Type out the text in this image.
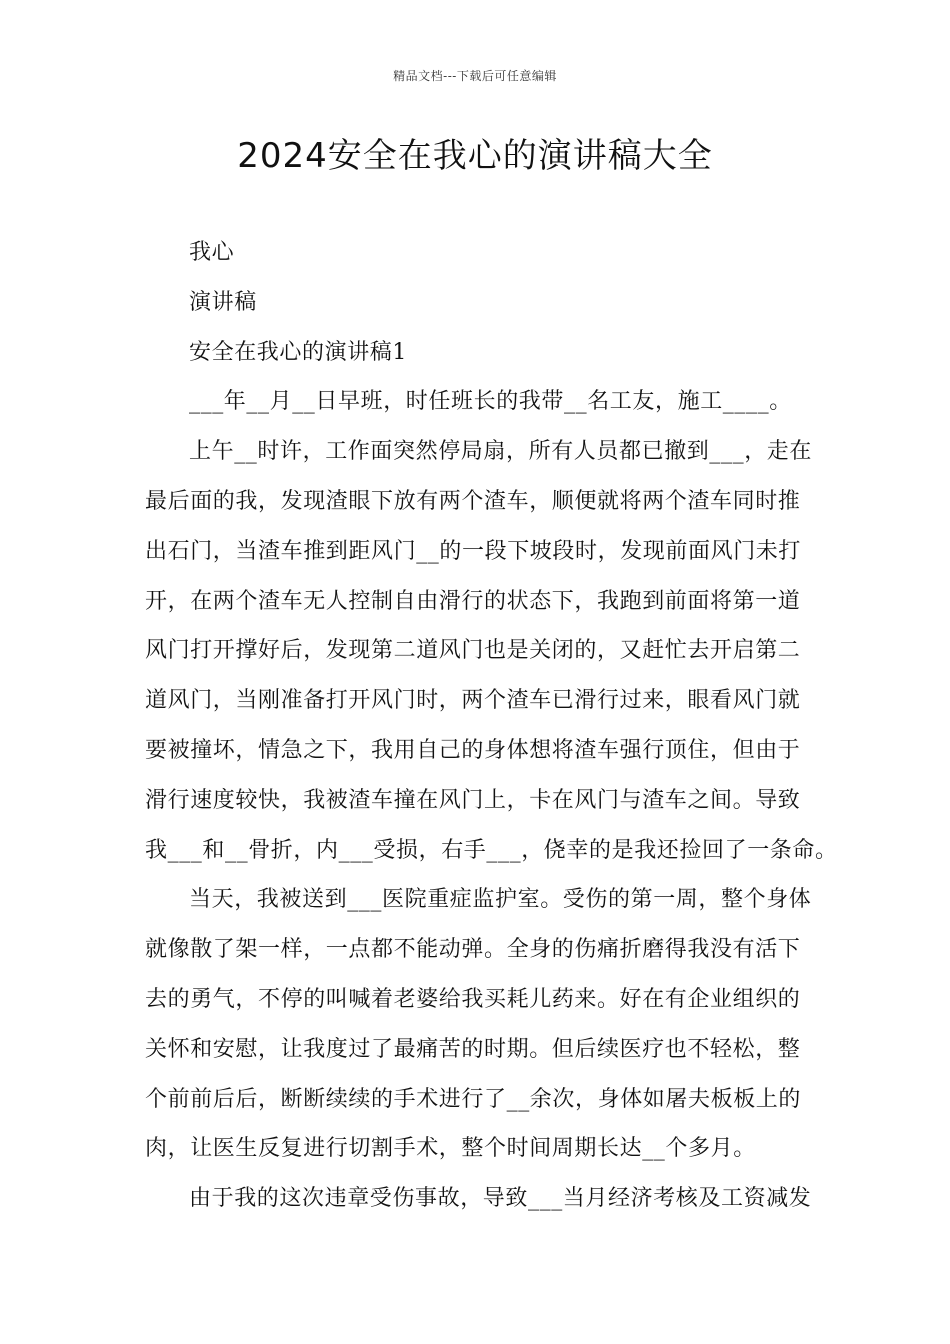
精品文档---下载后可任意编辑
2024安全在我心的演讲稿大全

我心

演讲稿

安全在我心的演讲稿1

___年__月__日早班，时任班长的我带__名工友，施工____。

上午__时许，工作面突然停局扇，所有人员都已撤到___，走在

最后面的我，发现渣眼下放有两个渣车，顺便就将两个渣车同时推

出石门，当渣车推到距风门__的一段下坡段时，发现前面风门未打

开，在两个渣车无人控制自由滑行的状态下，我跑到前面将第一道

风门打开撑好后，发现第二道风门也是关闭的，又赶忙去开启第二

道风门，当刚准备打开风门时，两个渣车已滑行过来，眼看风门就

要被撞坏，情急之下，我用自己的身体想将渣车强行顶住，但由于

滑行速度较快，我被渣车撞在风门上，卡在风门与渣车之间。导致

我___和__骨折，内___受损，右手___，侥幸的是我还捡回了一条命。

当天，我被送到___医院重症监护室。受伤的第一周，整个身体

就像散了架一样，一点都不能动弹。全身的伤痛折磨得我没有活下

去的勇气，不停的叫喊着老婆给我买耗儿药来。好在有企业组织的

关怀和安慰，让我度过了最痛苦的时期。但后续医疗也不轻松，整

个前前后后，断断续续的手术进行了__余次，身体如屠夫板板上的

肉，让医生反复进行切割手术，整个时间周期长达__个多月。

由于我的这次违章受伤事故，导致___当月经济考核及工资减发
